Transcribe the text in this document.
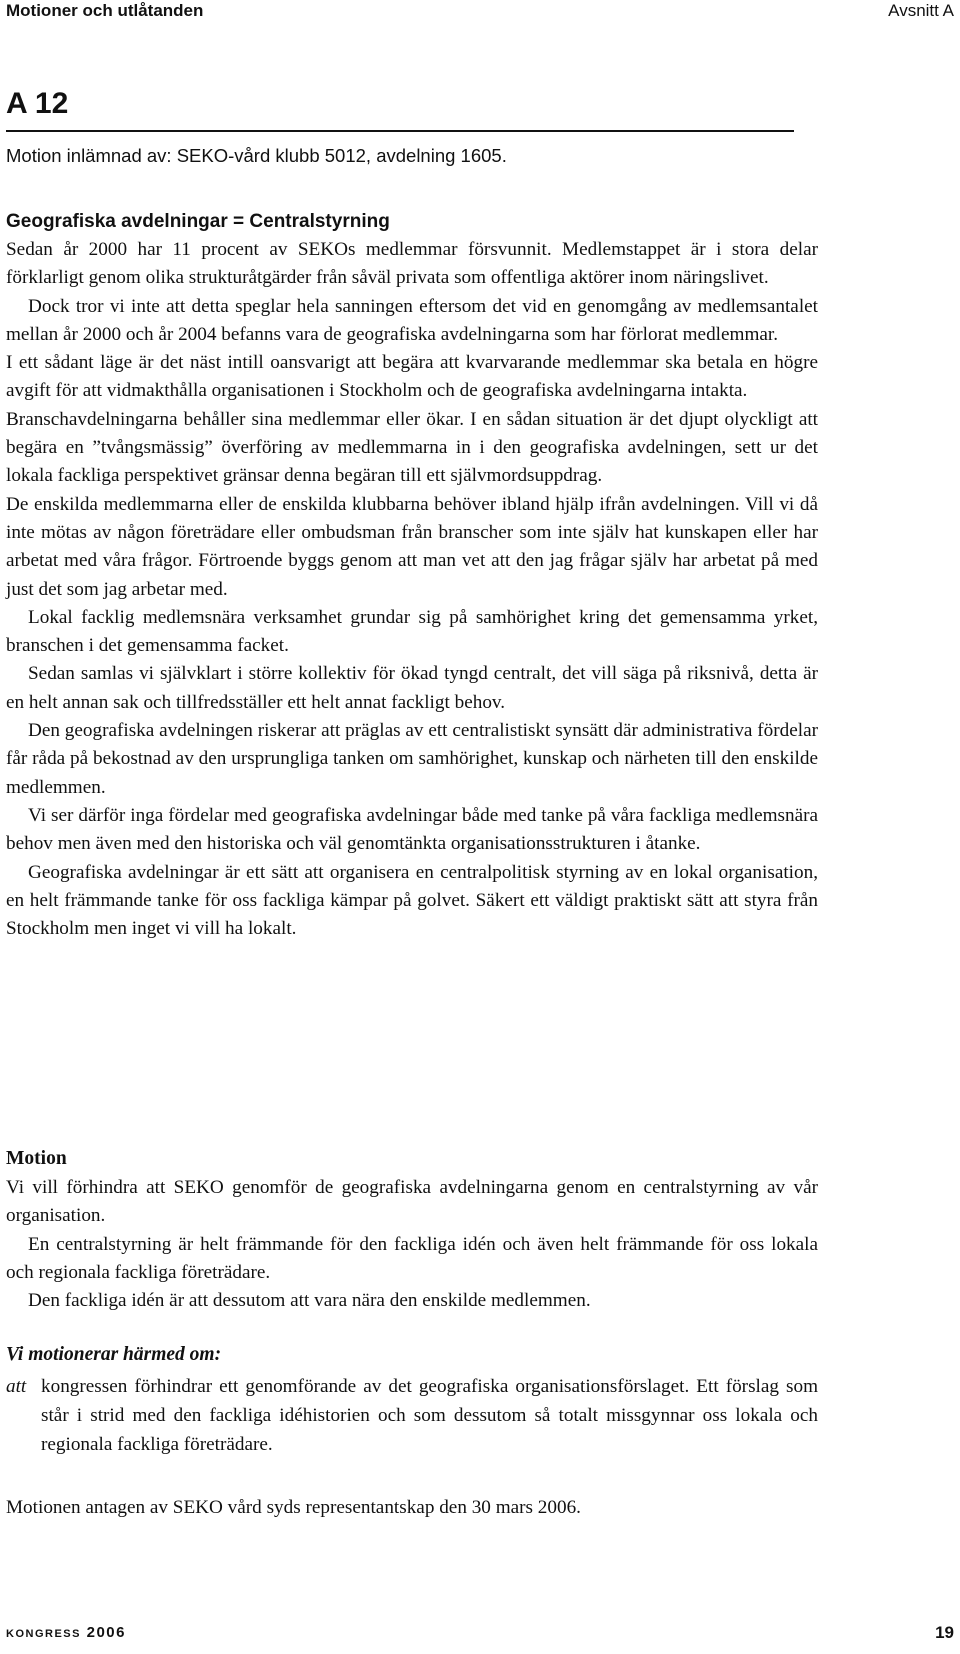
Motioner och utlåtanden	Avsnitt A
A 12

Motion inlämnad av: SEKO-vård klubb 5012, avdelning 1605.

Geografiska avdelningar = Centralstyrning

Sedan år 2000 har 11 procent av SEKOs medlemmar försvunnit. Medlemstappet är i stora delar förklarligt genom olika strukturåtgärder från såväl privata som offentliga aktörer inom näringslivet.

Dock tror vi inte att detta speglar hela sanningen eftersom det vid en genomgång av medlemsantalet mellan år 2000 och år 2004 befanns vara de geografiska avdelningarna som har förlorat medlemmar.

I ett sådant läge är det näst intill oansvarigt att begära att kvarvarande medlemmar ska betala en högre avgift för att vidmakthålla organisationen i Stockholm och de geografiska avdelningarna intakta.

Branschavdelningarna behåller sina medlemmar eller ökar. I en sådan situation är det djupt olyckligt att begära en ”tvångsmässig” överföring av medlemmarna in i den geografiska avdelningen, sett ur det lokala fackliga perspektivet gränsar denna begäran till ett självmordsuppdrag.

De enskilda medlemmarna eller de enskilda klubbarna behöver ibland hjälp ifrån avdelningen. Vill vi då inte mötas av någon företrädare eller ombudsman från branscher som inte själv hat kunskapen eller har arbetat med våra frågor. Förtroende byggs genom att man vet att den jag frågar själv har arbetat på med just det som jag arbetar med.

Lokal facklig medlemsnära verksamhet grundar sig på samhörighet kring det gemensamma yrket, branschen i det gemensamma facket.

Sedan samlas vi självklart i större kollektiv för ökad tyngd centralt, det vill säga på riksnivå, detta är en helt annan sak och tillfredsställer ett helt annat fackligt behov.

Den geografiska avdelningen riskerar att präglas av ett centralistiskt synsätt där administrativa fördelar får råda på bekostnad av den ursprungliga tanken om samhörighet, kunskap och närheten till den enskilde medlemmen.

Vi ser därför inga fördelar med geografiska avdelningar både med tanke på våra fackliga medlemsnära behov men även med den historiska och väl genomtänkta organisationsstrukturen i åtanke.

Geografiska avdelningar är ett sätt att organisera en centralpolitisk styrning av en lokal organisation, en helt främmande tanke för oss fackliga kämpar på golvet. Säkert ett väldigt praktiskt sätt att styra från Stockholm men inget vi vill ha lokalt.

Motion

Vi vill förhindra att SEKO genomför de geografiska avdelningarna genom en centralstyrning av vår organisation.

En centralstyrning är helt främmande för den fackliga idén och även helt främmande för oss lokala och regionala fackliga företrädare.

Den fackliga idén är att dessutom att vara nära den enskilde medlemmen.

Vi motionerar härmed om:
att kongressen förhindrar ett genomförande av det geografiska organisationsförslaget. Ett förslag som står i strid med den fackliga idéhistorien och som dessutom så totalt missgynnar oss lokala och regionala fackliga företrädare.

Motionen antagen av SEKO vård syds representantskap den 30 mars 2006.

kongress 2006	19
